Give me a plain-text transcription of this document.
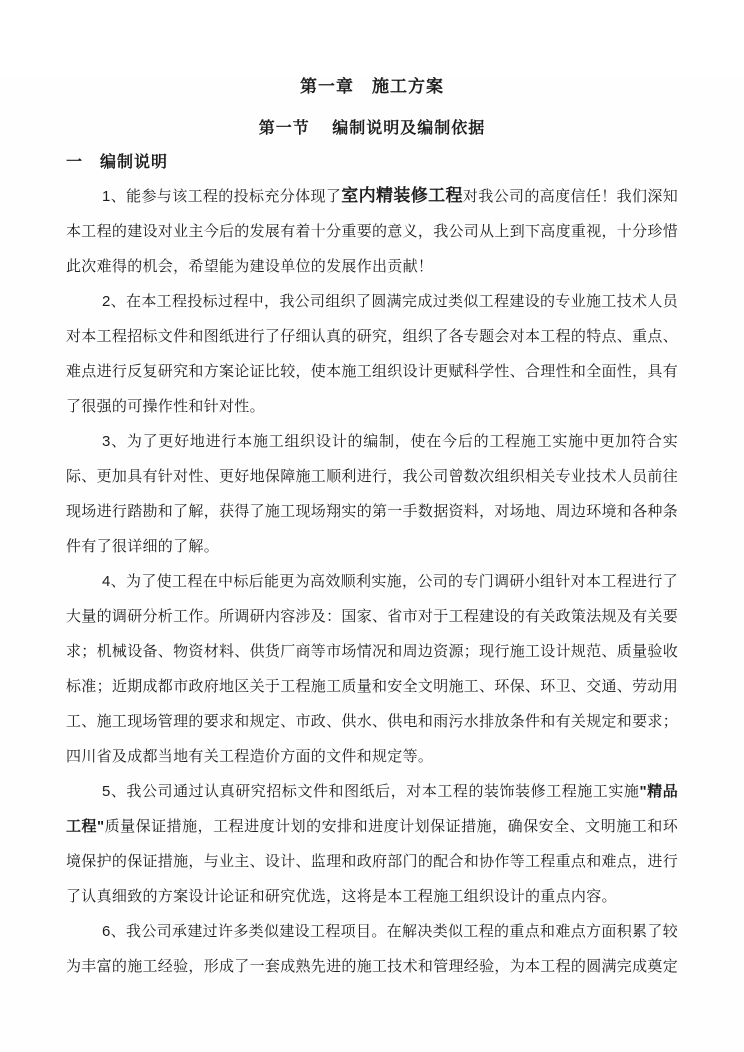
第一章　施工方案
第一节　 编制说明及编制依据
一　编制说明

1、能参与该工程的投标充分体现了室内精装修工程对我公司的高度信任！我们深知本工程的建设对业主今后的发展有着十分重要的意义，我公司从上到下高度重视，十分珍惜此次难得的机会，希望能为建设单位的发展作出贡献！

2、在本工程投标过程中，我公司组织了圆满完成过类似工程建设的专业施工技术人员对本工程招标文件和图纸进行了仔细认真的研究，组织了各专题会对本工程的特点、重点、难点进行反复研究和方案论证比较，使本施工组织设计更赋科学性、合理性和全面性，具有了很强的可操作性和针对性。

3、为了更好地进行本施工组织设计的编制，使在今后的工程施工实施中更加符合实际、更加具有针对性、更好地保障施工顺利进行，我公司曾数次组织相关专业技术人员前往现场进行踏勘和了解，获得了施工现场翔实的第一手数据资料，对场地、周边环境和各种条件有了很详细的了解。

4、为了使工程在中标后能更为高效顺利实施，公司的专门调研小组针对本工程进行了大量的调研分析工作。所调研内容涉及：国家、省市对于工程建设的有关政策法规及有关要求；机械设备、物资材料、供货厂商等市场情况和周边资源；现行施工设计规范、质量验收标准；近期成都市政府地区关于工程施工质量和安全文明施工、环保、环卫、交通、劳动用工、施工现场管理的要求和规定、市政、供水、供电和雨污水排放条件和有关规定和要求；四川省及成都当地有关工程造价方面的文件和规定等。

5、我公司通过认真研究招标文件和图纸后，对本工程的装饰装修工程施工实施"精品工程"质量保证措施，工程进度计划的安排和进度计划保证措施，确保安全、文明施工和环境保护的保证措施，与业主、设计、监理和政府部门的配合和协作等工程重点和难点，进行了认真细致的方案设计论证和研究优选，这将是本工程施工组织设计的重点内容。

6、我公司承建过许多类似建设工程项目。在解决类似工程的重点和难点方面积累了较为丰富的施工经验，形成了一套成熟先进的施工技术和管理经验，为本工程的圆满完成奠定
